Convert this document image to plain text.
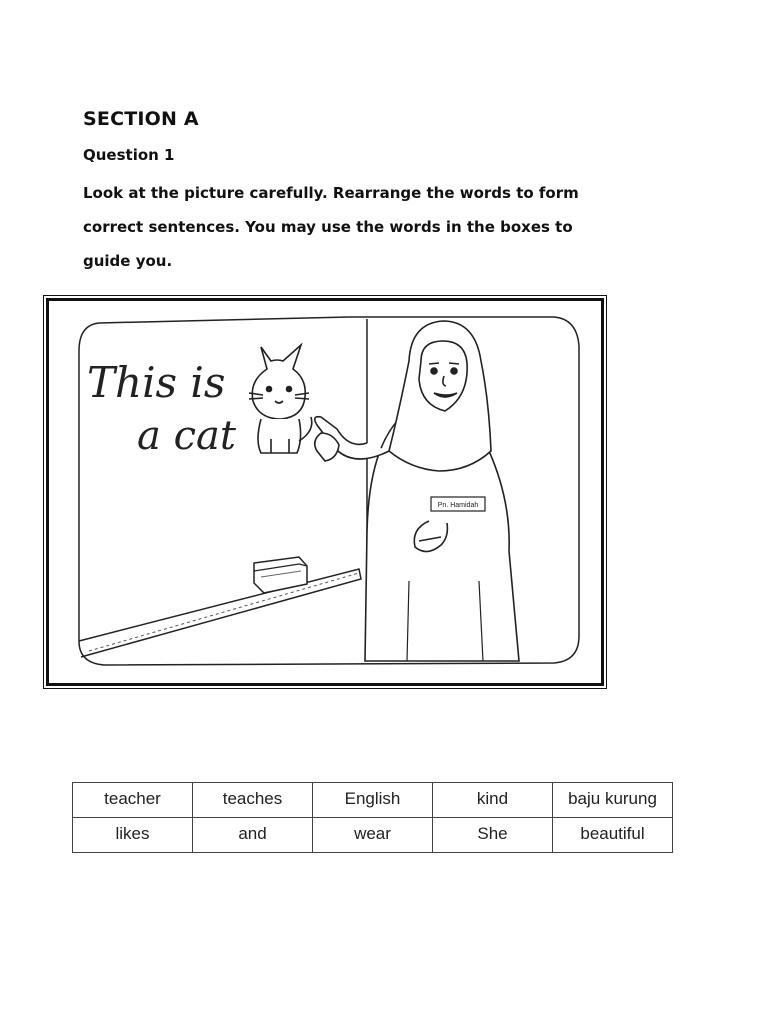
SECTION A
Question 1
Look at the picture carefully. Rearrange the words to form
correct sentences. You may use the words in the boxes to
guide you.
This is
a cat
Pn. Hamidah
teacher	teaches	English	kind	baju kurung
likes	and	wear	She	beautiful
